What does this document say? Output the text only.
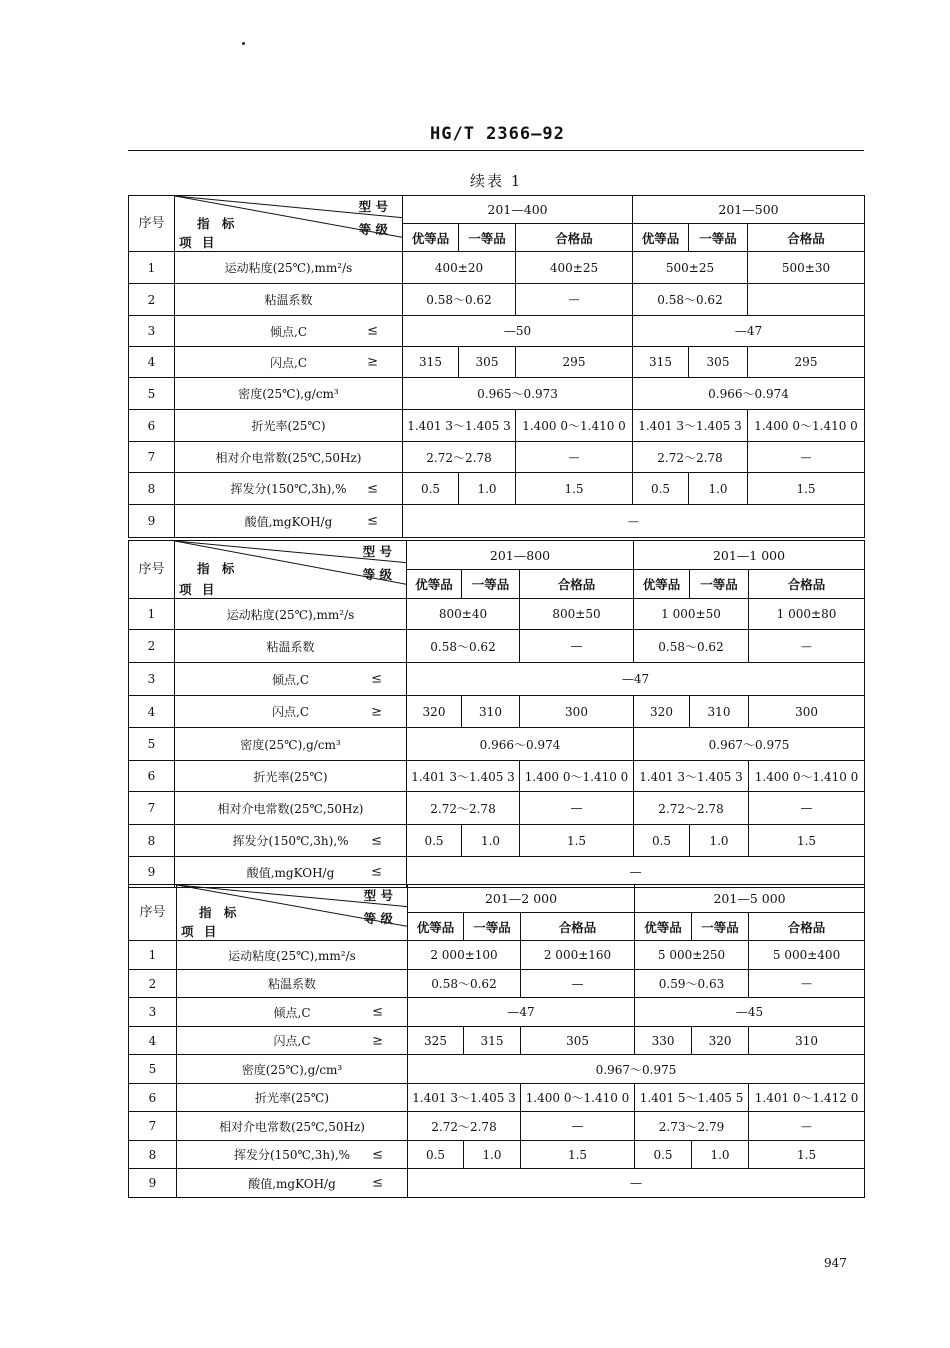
HG/T 2366—92
续表 1
序号	型 号
指 标 等 级
项 目	201—400			201—500		
		优等品	一等品	合格品	优等品	一等品	合格品
1	运动粘度(25℃),mm²/s	400±20		400±25	500±25		500±30
2	粘温系数	0.58～0.62		—	0.58～0.62		
3	倾点,C ≤	—50			—47		
4	闪点,C ≥	315	305	295	315	305	295
5	密度(25℃),g/cm³	0.965～0.973			0.966～0.974		
6	折光率(25℃)	1.401 3～1.405 3		1.400 0～1.410 0	1.401 3～1.405 3		1.400 0～1.410 0
7	相对介电常数(25℃,50Hz)	2.72～2.78		—	2.72～2.78		—
8	挥发分(150℃,3h),% ≤	0.5	1.0	1.5	0.5	1.0	1.5
9	酸值,mgKOH/g ≤	—					
序号	型 号
指 标 等 级
项 目	201—800			201—1 000		
		优等品	一等品	合格品	优等品	一等品	合格品
1	运动粘度(25℃),mm²/s	800±40		800±50	1 000±50		1 000±80
2	粘温系数	0.58～0.62		—	0.58～0.62		—
3	倾点,C ≤	—47					
4	闪点,C ≥	320	310	300	320	310	300
5	密度(25℃),g/cm³	0.966～0.974			0.967～0.975		
6	折光率(25℃)	1.401 3～1.405 3		1.400 0～1.410 0	1.401 3～1.405 3		1.400 0～1.410 0
7	相对介电常数(25℃,50Hz)	2.72～2.78		—	2.72～2.78		—
8	挥发分(150℃,3h),% ≤	0.5	1.0	1.5	0.5	1.0	1.5
9	酸值,mgKOH/g ≤	—					
序号	型 号
指 标 等 级
项 目	201—2 000			201—5 000		
		优等品	一等品	合格品	优等品	一等品	合格品
1	运动粘度(25℃),mm²/s	2 000±100		2 000±160	5 000±250		5 000±400
2	粘温系数	0.58～0.62		—	0.59～0.63		—
3	倾点,C ≤	—47			—45		
4	闪点,C ≥	325	315	305	330	320	310
5	密度(25℃),g/cm³	0.967～0.975					
6	折光率(25℃)	1.401 3～1.405 3		1.400 0～1.410 0	1.401 5～1.405 5		1.401 0～1.412 0
7	相对介电常数(25℃,50Hz)	2.72～2.78		—	2.73～2.79		—
8	挥发分(150℃,3h),% ≤	0.5	1.0	1.5	0.5	1.0	1.5
9	酸值,mgKOH/g ≤	—					
947
